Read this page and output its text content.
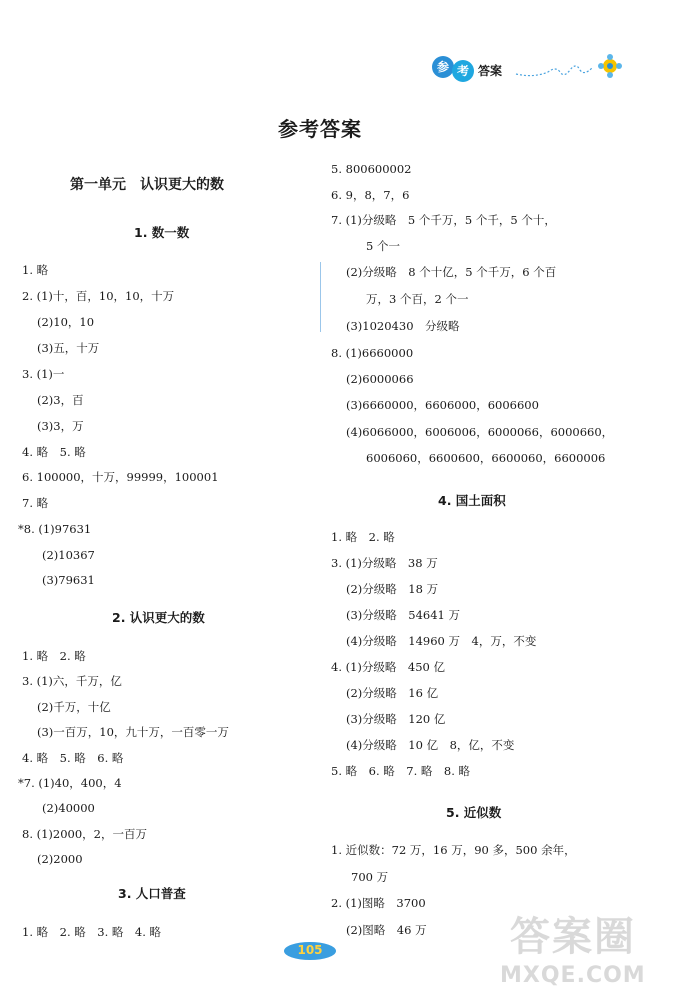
参 考 答案
参考答案
第一单元　认识更大的数
1. 数一数
1. 略
2. (1)十，百，10，10，十万
(2)10，10
(3)五，十万
3. (1)一
(2)3，百
(3)3，万
4. 略　5. 略
6. 100000，十万，99999，100001
7. 略
*8. (1)97631
(2)10367
(3)79631
2. 认识更大的数
1. 略　2. 略
3. (1)六，千万，亿
(2)千万，十亿
(3)一百万，10，九十万，一百零一万
4. 略　5. 略　6. 略
*7. (1)40，400，4
(2)40000
8. (1)2000，2，一百万
(2)2000
3. 人口普查
1. 略　2. 略　3. 略　4. 略
5. 800600002
6. 9，8，7，6
7. (1)分级略　5 个千万，5 个千，5 个十，
5 个一
(2)分级略　8 个十亿，5 个千万，6 个百
万，3 个百，2 个一
(3)1020430　分级略
8. (1)6660000
(2)6000066
(3)6660000，6606000，6006600
(4)6066000，6006006，6000066，6000660，
6006060，6600600，6600060，6600006
4. 国土面积
1. 略　2. 略
3. (1)分级略　38 万
(2)分级略　18 万
(3)分级略　54641 万
(4)分级略　14960 万　4，万，不变
4. (1)分级略　450 亿
(2)分级略　16 亿
(3)分级略　120 亿
(4)分级略　10 亿　8，亿，不变
5. 略　6. 略　7. 略　8. 略
5. 近似数
1. 近似数：72 万，16 万，90 多，500 余年，
700 万
2. (1)图略　3700
(2)图略　46 万
105	答案圈
MXQE.COM
